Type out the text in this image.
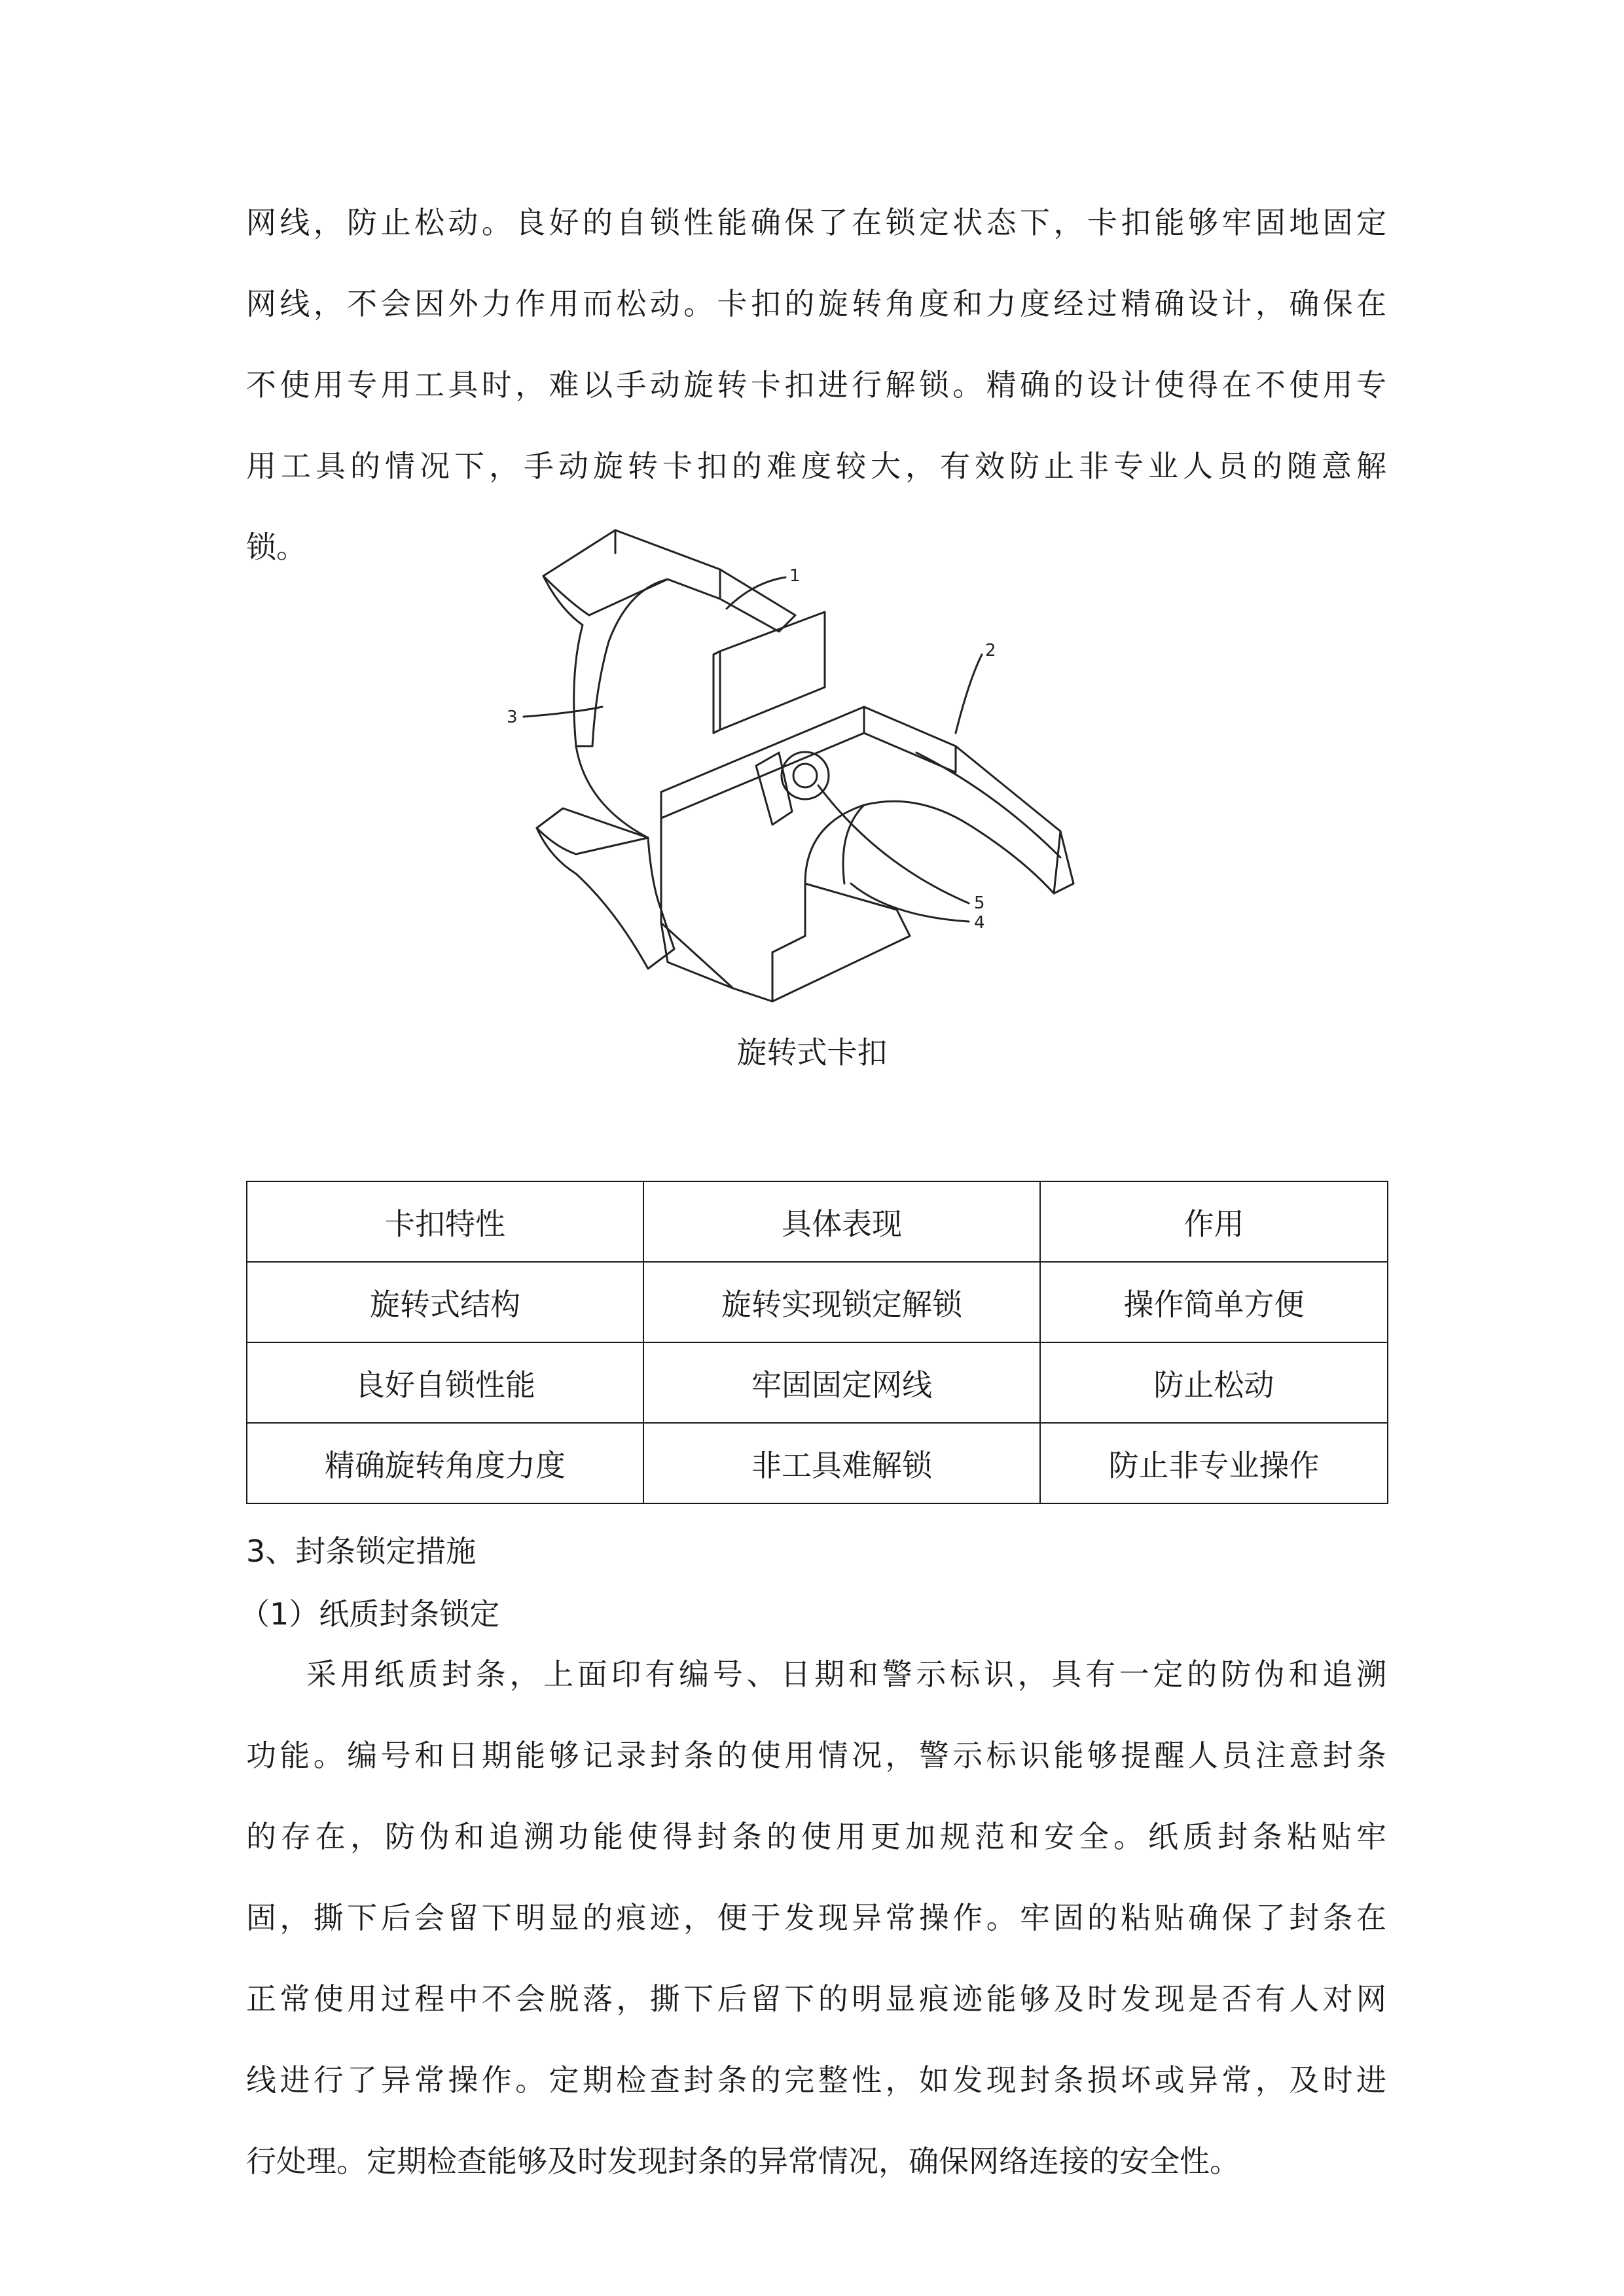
网线，防止松动。良好的自锁性能确保了在锁定状态下，卡扣能够牢固地固定
网线，不会因外力作用而松动。卡扣的旋转角度和力度经过精确设计，确保在
不使用专用工具时，难以手动旋转卡扣进行解锁。精确的设计使得在不使用专
用工具的情况下，手动旋转卡扣的难度较大，有效防止非专业人员的随意解
锁。
1
2
3
4
5
旋转式卡扣
卡扣特性	具体表现	作用
旋转式结构	旋转实现锁定解锁	操作简单方便
良好自锁性能	牢固固定网线	防止松动
精确旋转角度力度	非工具难解锁	防止非专业操作

3、封条锁定措施

（1）纸质封条锁定

采用纸质封条，上面印有编号、日期和警示标识，具有一定的防伪和追溯
功能。编号和日期能够记录封条的使用情况，警示标识能够提醒人员注意封条
的存在，防伪和追溯功能使得封条的使用更加规范和安全。纸质封条粘贴牢
固，撕下后会留下明显的痕迹，便于发现异常操作。牢固的粘贴确保了封条在
正常使用过程中不会脱落，撕下后留下的明显痕迹能够及时发现是否有人对网
线进行了异常操作。定期检查封条的完整性，如发现封条损坏或异常，及时进
行处理。定期检查能够及时发现封条的异常情况，确保网络连接的安全性。
